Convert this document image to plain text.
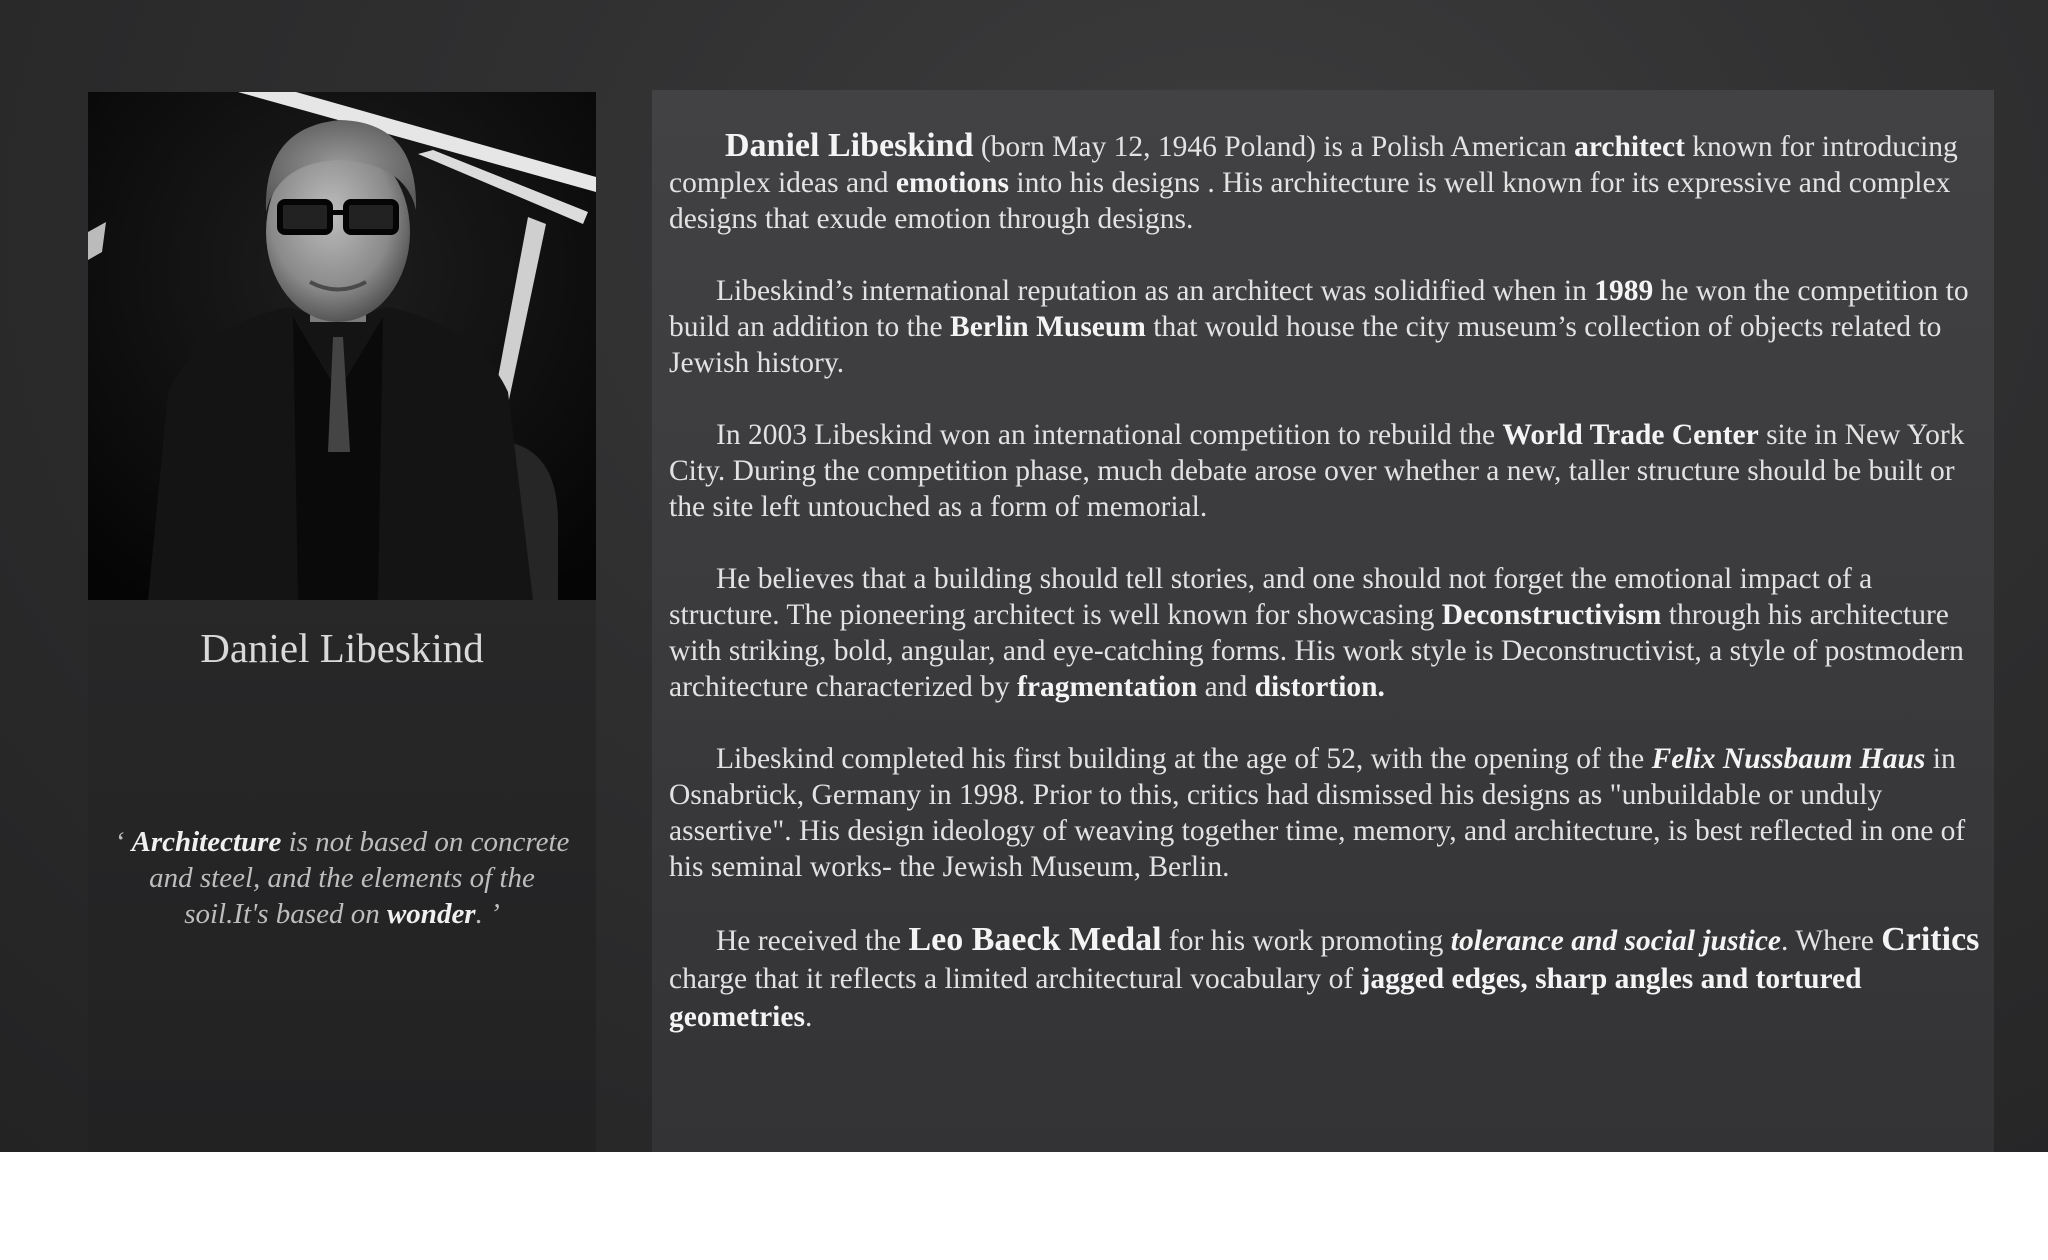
Daniel Libeskind
‘ Architecture is not based on concrete and steel, and the elements of the soil.It's based on wonder. ’

Daniel Libeskind (born May 12, 1946 Poland) is a Polish American architect known for introducing complex ideas and emotions into his designs . His architecture is well known for its expressive and complex designs that exude emotion through designs.

Libeskind’s international reputation as an architect was solidified when in 1989 he won the competition to build an addition to the Berlin Museum that would house the city museum’s collection of objects related to Jewish history.

In 2003 Libeskind won an international competition to rebuild the World Trade Center site in New York City. During the competition phase, much debate arose over whether a new, taller structure should be built or the site left untouched as a form of memorial.

He believes that a building should tell stories, and one should not forget the emotional impact of a structure. The pioneering architect is well known for showcasing Deconstructivism through his architecture with striking, bold, angular, and eye-catching forms. His work style is Deconstructivist, a style of postmodern architecture characterized by fragmentation and distortion.

Libeskind completed his first building at the age of 52, with the opening of the Felix Nussbaum Haus in Osnabrück, Germany in 1998. Prior to this, critics had dismissed his designs as "unbuildable or unduly assertive". His design ideology of weaving together time, memory, and architecture, is best reflected in one of his seminal works- the Jewish Museum, Berlin.

He received the Leo Baeck Medal for his work promoting tolerance and social justice. Where Critics charge that it reflects a limited architectural vocabulary of jagged edges, sharp angles and tortured geometries.
